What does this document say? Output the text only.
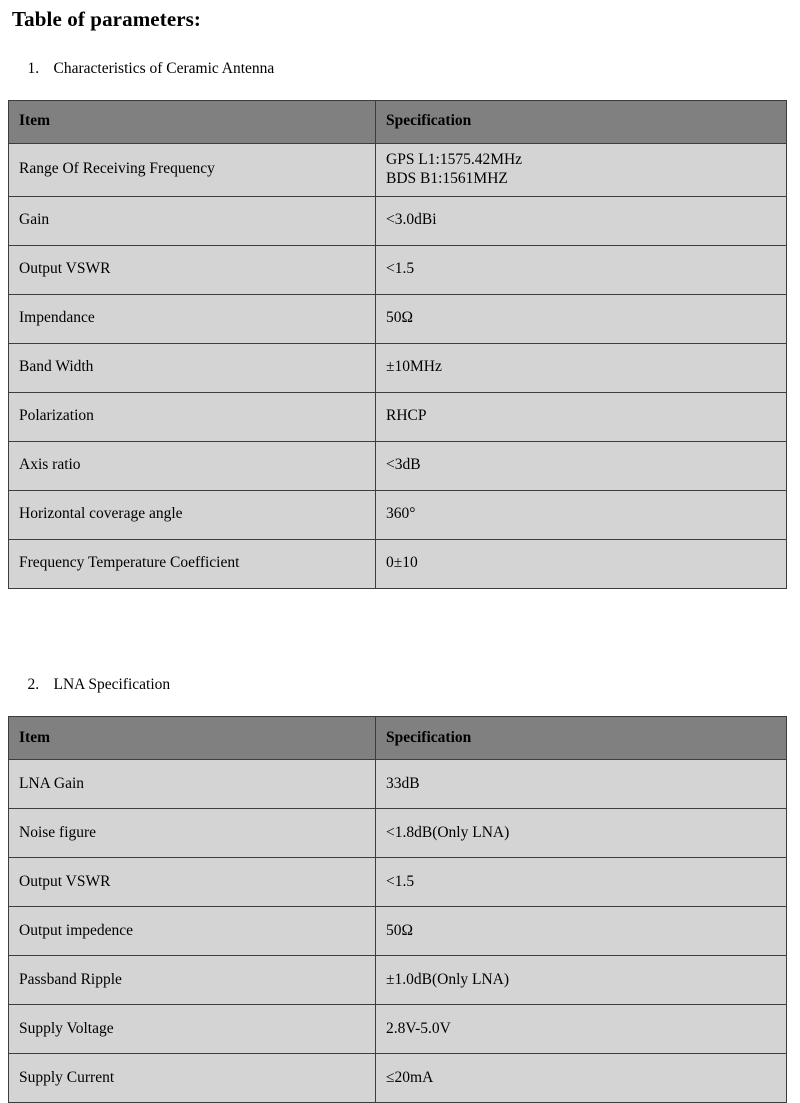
Table of parameters:

1. Characteristics of Ceramic Antenna

Item	Specification
Range Of Receiving Frequency	GPS L1:1575.42MHz
BDS B1:1561MHZ

Gain	<3.0dBi
Output VSWR	<1.5
Impendance	50Ω
Band Width	±10MHz
Polarization	RHCP
Axis ratio	<3dB
Horizontal coverage angle	360°
Frequency Temperature Coefficient	0±10

2. LNA Specification

Item	Specification
LNA Gain	33dB
Noise figure	<1.8dB(Only LNA)
Output VSWR	<1.5
Output impedence	50Ω
Passband Ripple	±1.0dB(Only LNA)
Supply Voltage	2.8V-5.0V
Supply Current	≤20mA
